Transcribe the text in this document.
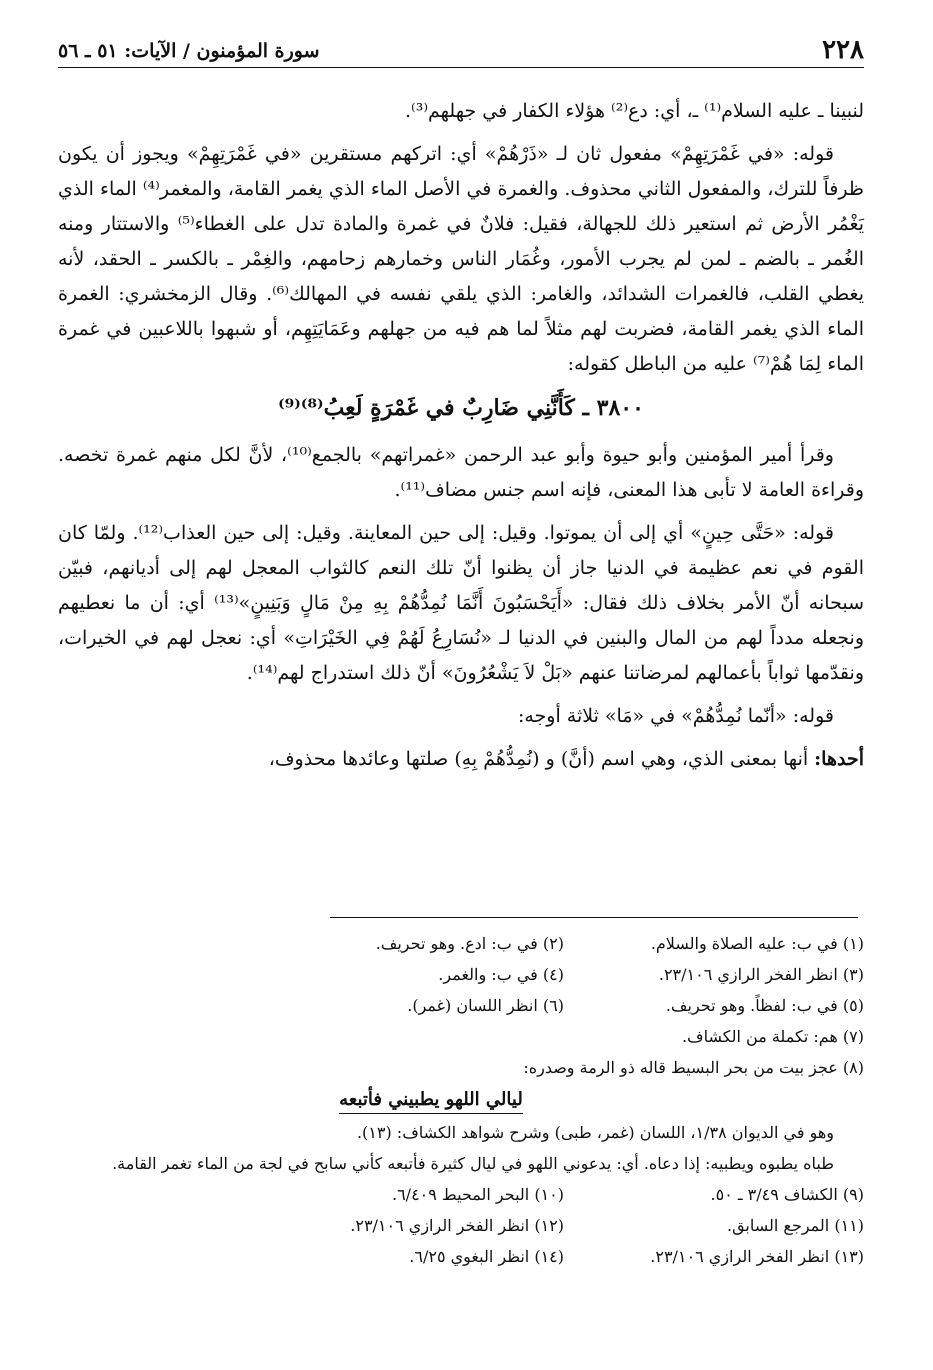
٢٢٨
سورة المؤمنون / الآيات: ٥١ ـ ٥٦

لنبينا ـ عليه السلام⁽¹⁾ ـ، أي: دع⁽²⁾ هؤلاء الكفار في جهلهم⁽³⁾.

قوله: «في غَمْرَتِهِمْ» مفعول ثان لـ «ذَرْهُمْ» أي: اتركهم مستقرين «في غَمْرَتِهِمْ» ويجوز أن يكون ظرفاً للترك، والمفعول الثاني محذوف. والغمرة في الأصل الماء الذي يغمر القامة، والمغمر⁽⁴⁾ الماء الذي يَغْمُر الأرض ثم استعير ذلك للجهالة، فقيل: فلانٌ في غمرة والمادة تدل على الغطاء⁽⁵⁾ والاستتار ومنه الغُمر ـ بالضم ـ لمن لم يجرب الأمور، وغُمَار الناس وخمارهم زحامهم، والغِمْر ـ بالكسر ـ الحقد، لأنه يغطي القلب، فالغمرات الشدائد، والغامر: الذي يلقي نفسه في المهالك⁽⁶⁾. وقال الزمخشري: الغمرة الماء الذي يغمر القامة، فضربت لهم مثلاً لما هم فيه من جهلهم وعَمَايَتِهِم، أو شبهوا باللاعبين في غمرة الماء لِمَا هُمْ⁽⁷⁾ عليه من الباطل كقوله:

٣٨٠٠ ـ كَأَنَّنِي ضَارِبٌ في غَمْرَةٍ لَعِبُ⁽⁸⁾⁽⁹⁾

وقرأ أمير المؤمنين وأبو حيوة وأبو عبد الرحمن «غمراتهم» بالجمع⁽¹⁰⁾، لأنَّ لكل منهم غمرة تخصه. وقراءة العامة لا تأبى هذا المعنى، فإنه اسم جنس مضاف⁽¹¹⁾.

قوله: «حَتَّى حِينٍ» أي إلى أن يموتوا. وقيل: إلى حين المعاينة. وقيل: إلى حين العذاب⁽¹²⁾. ولمّا كان القوم في نعم عظيمة في الدنيا جاز أن يظنوا أنّ تلك النعم كالثواب المعجل لهم إلى أديانهم، فبيّن سبحانه أنّ الأمر بخلاف ذلك فقال: «أَيَحْسَبُونَ أَنَّمَا نُمِدُّهُمْ بِهِ مِنْ مَالٍ وَبَنِينٍ»⁽¹³⁾ أي: أن ما نعطيهم ونجعله مدداً لهم من المال والبنين في الدنيا لـ «نُسَارِعُ لَهُمْ فِي الخَيْرَاتِ» أي: نعجل لهم في الخيرات، ونقدّمها ثواباً بأعمالهم لمرضاتنا عنهم «بَلْ لاَ يَشْعُرُونَ» أنّ ذلك استدراج لهم⁽¹⁴⁾.

قوله: «أنّما نُمِدُّهُمْ» في «مَا» ثلاثة أوجه:

أحدها: أنها بمعنى الذي، وهي اسم (أنَّ) و (نُمِدُّهُمْ بِهِ) صلتها وعائدها محذوف،

(١) في ب: عليه الصلاة والسلام.
(٢) في ب: ادع. وهو تحريف.
(٣) انظر الفخر الرازي ٢٣/١٠٦.
(٤) في ب: والغمر.
(٥) في ب: لفظاً. وهو تحريف.
(٦) انظر اللسان (غمر).
(٧) هم: تكملة من الكشاف.
(٨) عجز بيت من بحر البسيط قاله ذو الرمة وصدره:
ليالي اللهو يطبيني فأتبعه
وهو في الديوان ١/٣٨، اللسان (غمر، طبى) وشرح شواهد الكشاف: (١٣).
طباه يطبوه ويطبيه: إذا دعاه. أي: يدعوني اللهو في ليال كثيرة فأتبعه كأني سابح في لجة من الماء تغمر القامة.
(٩) الكشاف ٣/٤٩ ـ ٥٠.
(١٠) البحر المحيط ٦/٤٠٩.
(١١) المرجع السابق.
(١٢) انظر الفخر الرازي ٢٣/١٠٦.
(١٣) انظر الفخر الرازي ٢٣/١٠٦.
(١٤) انظر البغوي ٦/٢٥.
